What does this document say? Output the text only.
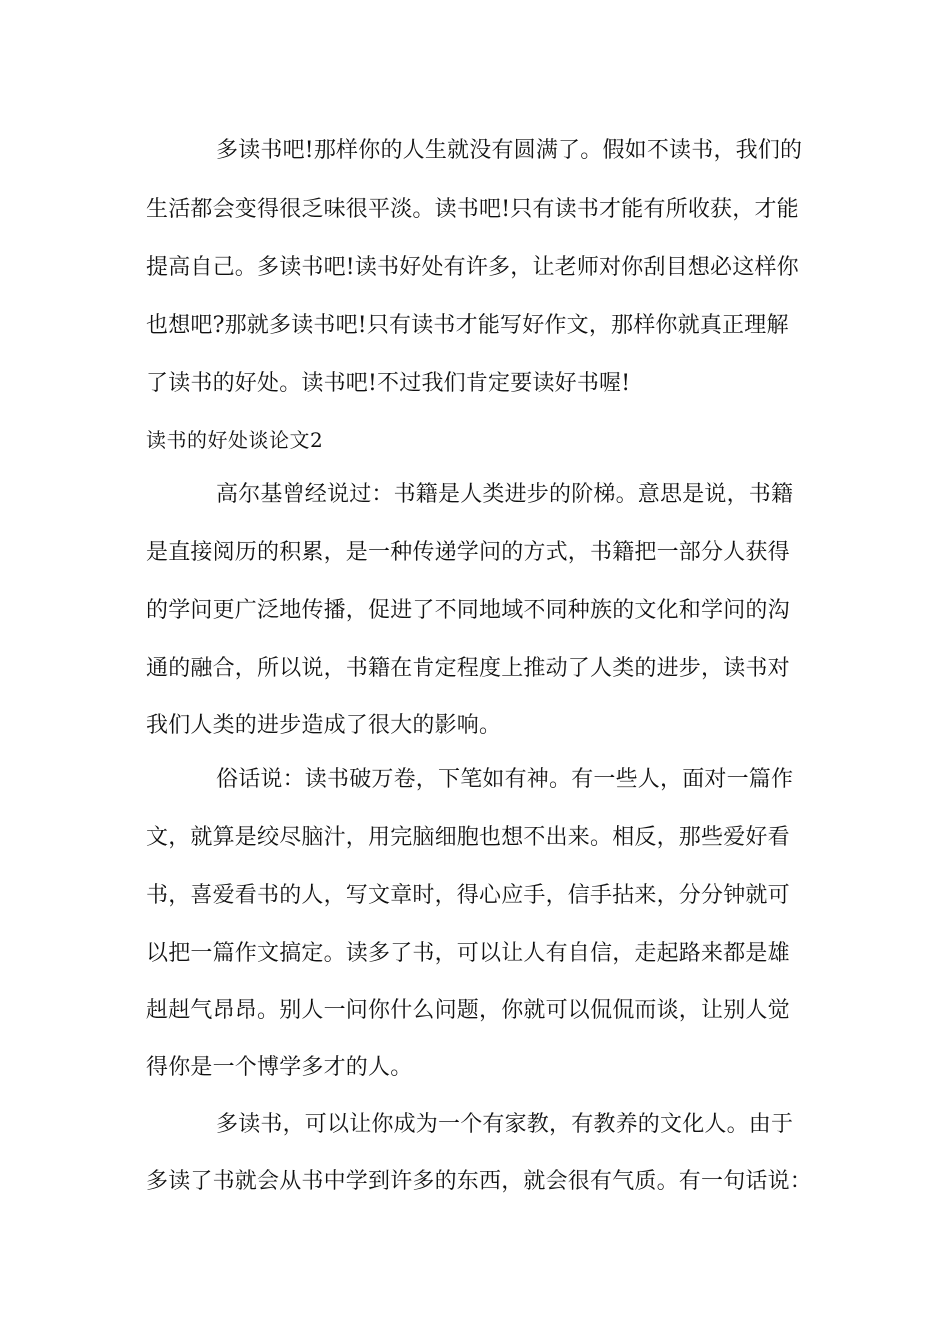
多读书吧!那样你的人生就没有圆满了。假如不读书，我们的
生活都会变得很乏味很平淡。读书吧!只有读书才能有所收获，才能
提高自己。多读书吧!读书好处有许多，让老师对你刮目想必这样你
也想吧?那就多读书吧!只有读书才能写好作文，那样你就真正理解
了读书的好处。读书吧!不过我们肯定要读好书喔!
读书的好处谈论文2
高尔基曾经说过：书籍是人类进步的阶梯。意思是说，书籍
是直接阅历的积累，是一种传递学问的方式，书籍把一部分人获得
的学问更广泛地传播，促进了不同地域不同种族的文化和学问的沟
通的融合，所以说，书籍在肯定程度上推动了人类的进步，读书对
我们人类的进步造成了很大的影响。
俗话说：读书破万卷，下笔如有神。有一些人，面对一篇作
文，就算是绞尽脑汁，用完脑细胞也想不出来。相反，那些爱好看
书，喜爱看书的人，写文章时，得心应手，信手拈来，分分钟就可
以把一篇作文搞定。读多了书，可以让人有自信，走起路来都是雄
赳赳气昂昂。别人一问你什么问题，你就可以侃侃而谈，让别人觉
得你是一个博学多才的人。
多读书，可以让你成为一个有家教，有教养的文化人。由于
多读了书就会从书中学到许多的东西，就会很有气质。有一句话说：
